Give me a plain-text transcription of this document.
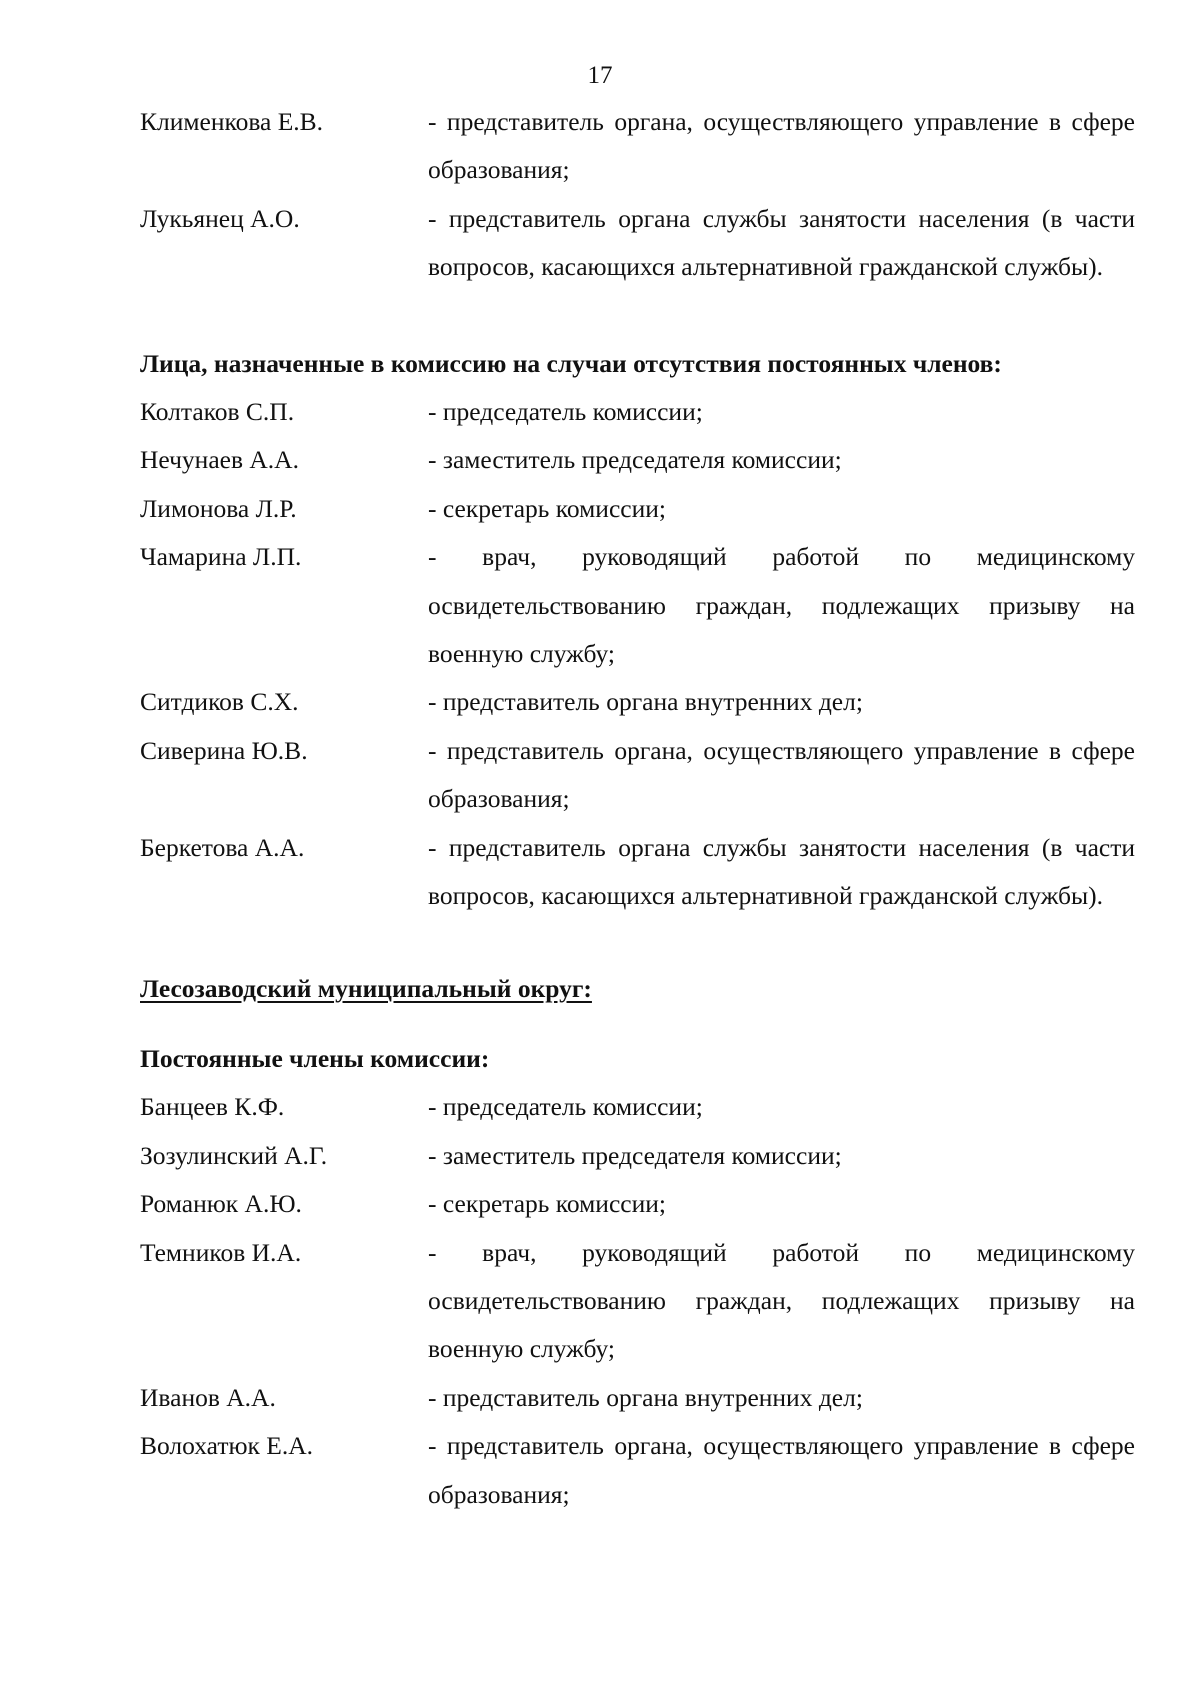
17
Клименкова Е.В.	- представитель органа, осуществляющего управление в сфере образования;
Лукьянец А.О.	- представитель органа службы занятости населения (в части вопросов, касающихся альтернативной гражданской службы).
Лица, назначенные в комиссию на случаи отсутствия постоянных членов:
Колтаков С.П.	- председатель комиссии;
Нечунаев А.А.	- заместитель председателя комиссии;
Лимонова Л.Р.	- секретарь комиссии;
Чамарина Л.П.	- врач, руководящий работой по медицинскому освидетельствованию граждан, подлежащих призыву на военную службу;
Ситдиков С.Х.	- представитель органа внутренних дел;
Сиверина Ю.В.	- представитель органа, осуществляющего управление в сфере образования;
Беркетова А.А.	- представитель органа службы занятости населения (в части вопросов, касающихся альтернативной гражданской службы).
Лесозаводский муниципальный округ:
Постоянные члены комиссии:
Банцеев К.Ф.	- председатель комиссии;
Зозулинский А.Г.	- заместитель председателя комиссии;
Романюк А.Ю.	- секретарь комиссии;
Темников И.А.	- врач, руководящий работой по медицинскому освидетельствованию граждан, подлежащих призыву на военную службу;
Иванов А.А.	- представитель органа внутренних дел;
Волохатюк Е.А.	- представитель органа, осуществляющего управление в сфере образования;
